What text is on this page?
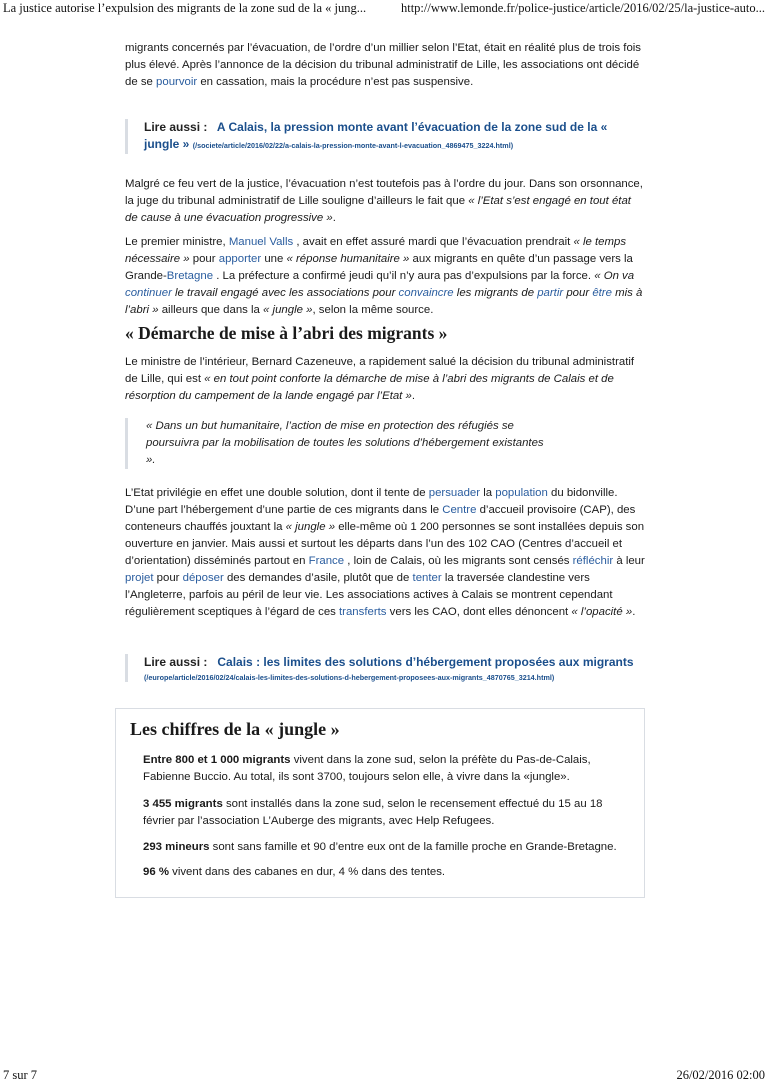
La justice autorise l’expulsion des migrants de la zone sud de la « jung...	http://www.lemonde.fr/police-justice/article/2016/02/25/la-justice-auto...

migrants concernés par l’évacuation, de l’ordre d’un millier selon l’Etat, était en réalité plus de trois fois plus élevé. Après l’annonce de la décision du tribunal administratif de Lille, les associations ont décidé de se pourvoir en cassation, mais la procédure n’est pas suspensive.

Lire aussi : A Calais, la pression monte avant l’évacuation de la zone sud de la « jungle » (/societe/article/2016/02/22/a-calais-la-pression-monte-avant-l-evacuation_4869475_3224.html)

Malgré ce feu vert de la justice, l’évacuation n’est toutefois pas à l’ordre du jour. Dans son orsonnance, la juge du tribunal administratif de Lille souligne d’ailleurs le fait que « l’Etat s’est engagé en tout état de cause à une évacuation progressive ».

Le premier ministre, Manuel Valls , avait en effet assuré mardi que l’évacuation prendrait « le temps nécessaire » pour apporter une « réponse humanitaire » aux migrants en quête d’un passage vers la Grande-Bretagne . La préfecture a confirmé jeudi qu’il n’y aura pas d’expulsions par la force. « On va continuer le travail engagé avec les associations pour convaincre les migrants de partir pour être mis à l’abri » ailleurs que dans la « jungle », selon la même source.

« Démarche de mise à l’abri des migrants »

Le ministre de l’intérieur, Bernard Cazeneuve, a rapidement salué la décision du tribunal administratif de Lille, qui est « en tout point conforte la démarche de mise à l’abri des migrants de Calais et de résorption du campement de la lande engagé par l’Etat ».

« Dans un but humanitaire, l’action de mise en protection des réfugiés se poursuivra par la mobilisation de toutes les solutions d’hébergement existantes ».

L’Etat privilégie en effet une double solution, dont il tente de persuader la population du bidonville. D’une part l’hébergement d’une partie de ces migrants dans le Centre d’accueil provisoire (CAP), des conteneurs chauffés jouxtant la « jungle » elle-même où 1 200 personnes se sont installées depuis son ouverture en janvier. Mais aussi et surtout les départs dans l’un des 102 CAO (Centres d’accueil et d’orientation) disséminés partout en France , loin de Calais, où les migrants sont censés réfléchir à leur projet pour déposer des demandes d’asile, plutôt que de tenter la traversée clandestine vers l’Angleterre, parfois au péril de leur vie. Les associations actives à Calais se montrent cependant régulièrement sceptiques à l’égard de ces transferts vers les CAO, dont elles dénoncent « l’opacité ».

Lire aussi : Calais : les limites des solutions d’hébergement proposées aux migrants
(/europe/article/2016/02/24/calais-les-limites-des-solutions-d-hebergement-proposees-aux-migrants_4870765_3214.html)
Les chiffres de la « jungle »
Entre 800 et 1 000 migrants vivent dans la zone sud, selon la préfète du Pas-de-Calais, Fabienne Buccio. Au total, ils sont 3700, toujours selon elle, à vivre dans la «jungle».
3 455 migrants sont installés dans la zone sud, selon le recensement effectué du 15 au 18 février par l’association L’Auberge des migrants, avec Help Refugees.
293 mineurs sont sans famille et 90 d’entre eux ont de la famille proche en Grande-Bretagne.
96 % vivent dans des cabanes en dur, 4 % dans des tentes.
7 sur 7	26/02/2016 02:00
